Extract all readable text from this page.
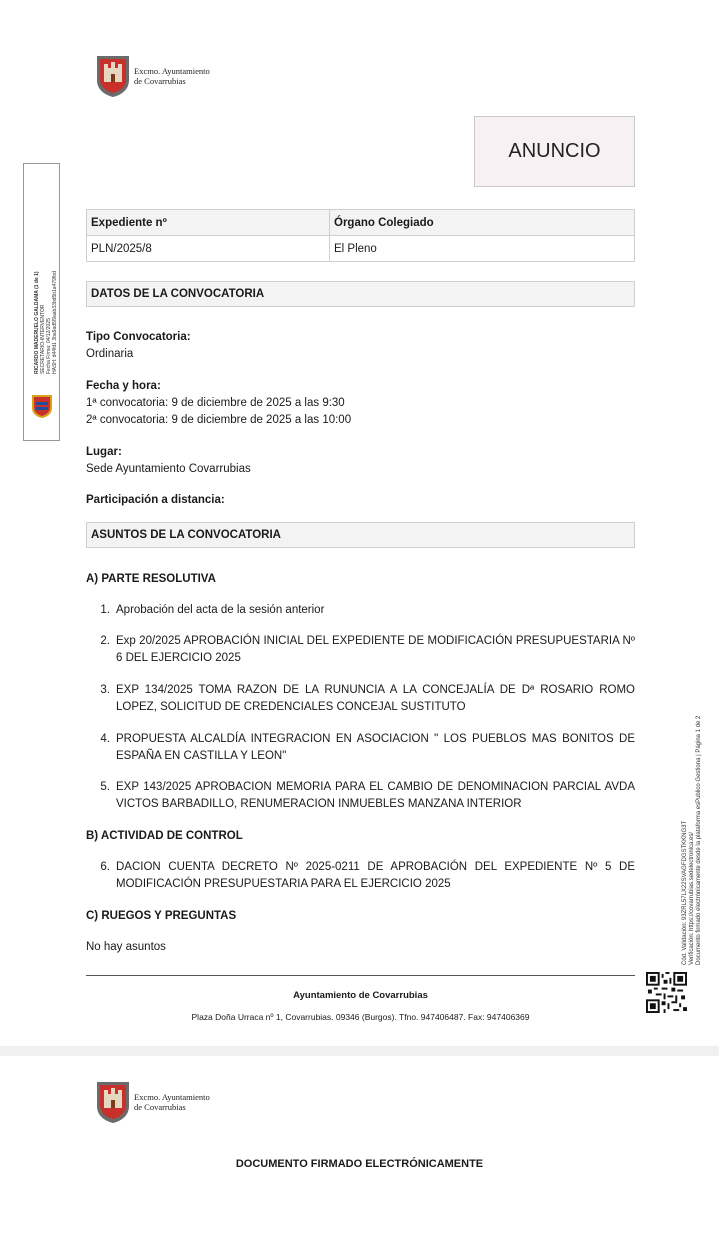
Excmo. Ayuntamiento
de Covarrubias
RICARDO MADERUELO GALDAMA (1 de 1) SECRETARIO-INTERVENTOR Fecha Firma: 04/12/2025 HASH: d44fd1 3ba9ad5f9aab33bd5b1a479fbd
ANUNCIO
Expediente nº	Órgano Colegiado
PLN/2025/8	El Pleno
DATOS DE LA CONVOCATORIA
Tipo Convocatoria:
Ordinaria
Fecha y hora:
1ª convocatoria: 9 de diciembre de 2025 a las 9:30
2ª convocatoria: 9 de diciembre de 2025 a las 10:00
Lugar:
Sede Ayuntamiento Covarrubias
Participación a distancia:
ASUNTOS DE LA CONVOCATORIA
A) PARTE RESOLUTIVA
1. Aprobación del acta de la sesión anterior
2. Exp 20/2025 APROBACIÓN INICIAL DEL EXPEDIENTE DE MODIFICACIÓN PRESUPUESTARIA Nº 6 DEL EJERCICIO 2025
3. EXP 134/2025 TOMA RAZON DE LA RUNUNCIA A LA CONCEJALÍA DE Dª ROSARIO ROMO LOPEZ, SOLICITUD DE CREDENCIALES CONCEJAL SUSTITUTO
4. PROPUESTA ALCALDÍA INTEGRACION EN ASOCIACION " LOS PUEBLOS MAS BONITOS DE ESPAÑA EN CASTILLA Y LEON"
5. EXP 143/2025 APROBACION MEMORIA PARA EL CAMBIO DE DENOMINACION PARCIAL AVDA VICTOS BARBADILLO, RENUMERACION INMUEBLES MANZANA INTERIOR
B) ACTIVIDAD DE CONTROL
6. DACION CUENTA DECRETO Nº 2025-0211 DE APROBACIÓN DEL EXPEDIENTE Nº 5 DE MODIFICACIÓN PRESUPUESTARIA PARA EL EJERCICIO 2025
C) RUEGOS Y PREGUNTAS
No hay asuntos	Cód. Validación: 93ZRL57LX22SVAGFDGSTKKNG3T Verificación: https://covarrubias.sedelectronica.es/ Documento firmado electrónicamente desde la plataforma esPublico Gestiona | Página 1 de 2
Ayuntamiento de Covarrubias
Plaza Doña Urraca nº 1, Covarrubias. 09346 (Burgos). Tfno. 947406487. Fax: 947406369
Excmo. Ayuntamiento
de Covarrubias
DOCUMENTO FIRMADO ELECTRÓNICAMENTE
